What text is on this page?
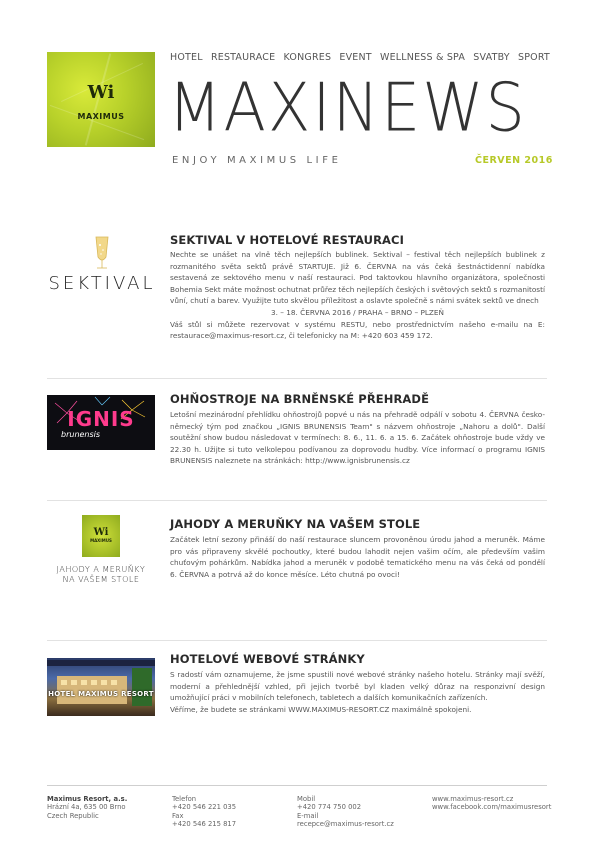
Wi
MAXIMUS
HOTEL RESTAURACE KONGRES EVENT WELLNESS & SPA SVATBY SPORT
MAXINEWS
ENJOY MAXIMUS LIFE	ČERVEN 2016
SEKTIVAL
SEKTIVAL V HOTELOVÉ RESTAURACI
Nechte se unášet na vlně těch nejlepších bublinek. Sektival – festival těch nejlepších bublinek z rozmanitého světa sektů právě STARTUJE. Již 6. ČERVNA na vás čeká šestnáctidenní nabídka sestavená ze sektového menu v naší restauraci. Pod taktovkou hlavního organizátora, společnosti Bohemia Sekt máte možnost ochutnat průřez těch nejlepších českých i světových sektů s rozmanitostí vůní, chutí a barev. Využijte tuto skvělou příležitost a oslavte společně s námi svátek sektů ve dnech
3. – 18. ČERVNA 2016 / PRAHA – BRNO – PLZEŇ
Váš stůl si můžete rezervovat v systému RESTU, nebo prostřednictvím našeho e-mailu na E: restaurace@maximus-resort.cz, či telefonicky na M: +420 603 459 172.
IGNIS
brunensis
OHŇOSTROJE NA BRNĚNSKÉ PŘEHRADĚ
Letošní mezinárodní přehlídku ohňostrojů popvé u nás na přehradě odpálí v sobotu 4. ČERVNA česko-německý tým pod značkou „IGNIS BRUNENSIS Team" s názvem ohňostroje „Nahoru a dolů". Další soutěžní show budou následovat v termínech: 8. 6., 11. 6. a 15. 6. Začátek ohňostroje bude vždy ve 22.30 h. Užijte si tuto velkolepou podívanou za doprovodu hudby. Více informací o programu IGNIS BRUNENSIS naleznete na stránkách: http://www.ignisbrunensis.cz
Wi
MAXIMUS
JAHODY A MERUŇKY NA VAŠEM STOLE
JAHODY A MERUŇKY NA VAŠEM STOLE
Začátek letní sezony přináší do naší restaurace sluncem provoněnou úrodu jahod a meruněk. Máme pro vás připraveny skvělé pochoutky, které budou lahodit nejen vašim očím, ale především vašim chuťovým pohárkům. Nabídka jahod a meruněk v podobě tematického menu na vás čeká od pondělí 6. ČERVNA a potrvá až do konce měsíce. Léto chutná po ovoci!
HOTEL MAXIMUS RESORT
HOTELOVÉ WEBOVÉ STRÁNKY
S radostí vám oznamujeme, že jsme spustili nové webové stránky našeho hotelu. Stránky mají svěží, moderní a přehlednější vzhled, při jejich tvorbě byl kladen velký důraz na responzivní design umožňující práci v mobilních telefonech, tabletech a dalších komunikačních zařízeních.
Věříme, že budete se stránkami WWW.MAXIMUS-RESORT.CZ maximálně spokojeni.
Maximus Resort, a.s.
Hrázní 4a, 635 00 Brno
Czech Republic
Telefon
+420 546 221 035
Fax
+420 546 215 817
Mobil
+420 774 750 002
E-mail
recepce@maximus-resort.cz
www.maximus-resort.cz
www.facebook.com/maximusresort
